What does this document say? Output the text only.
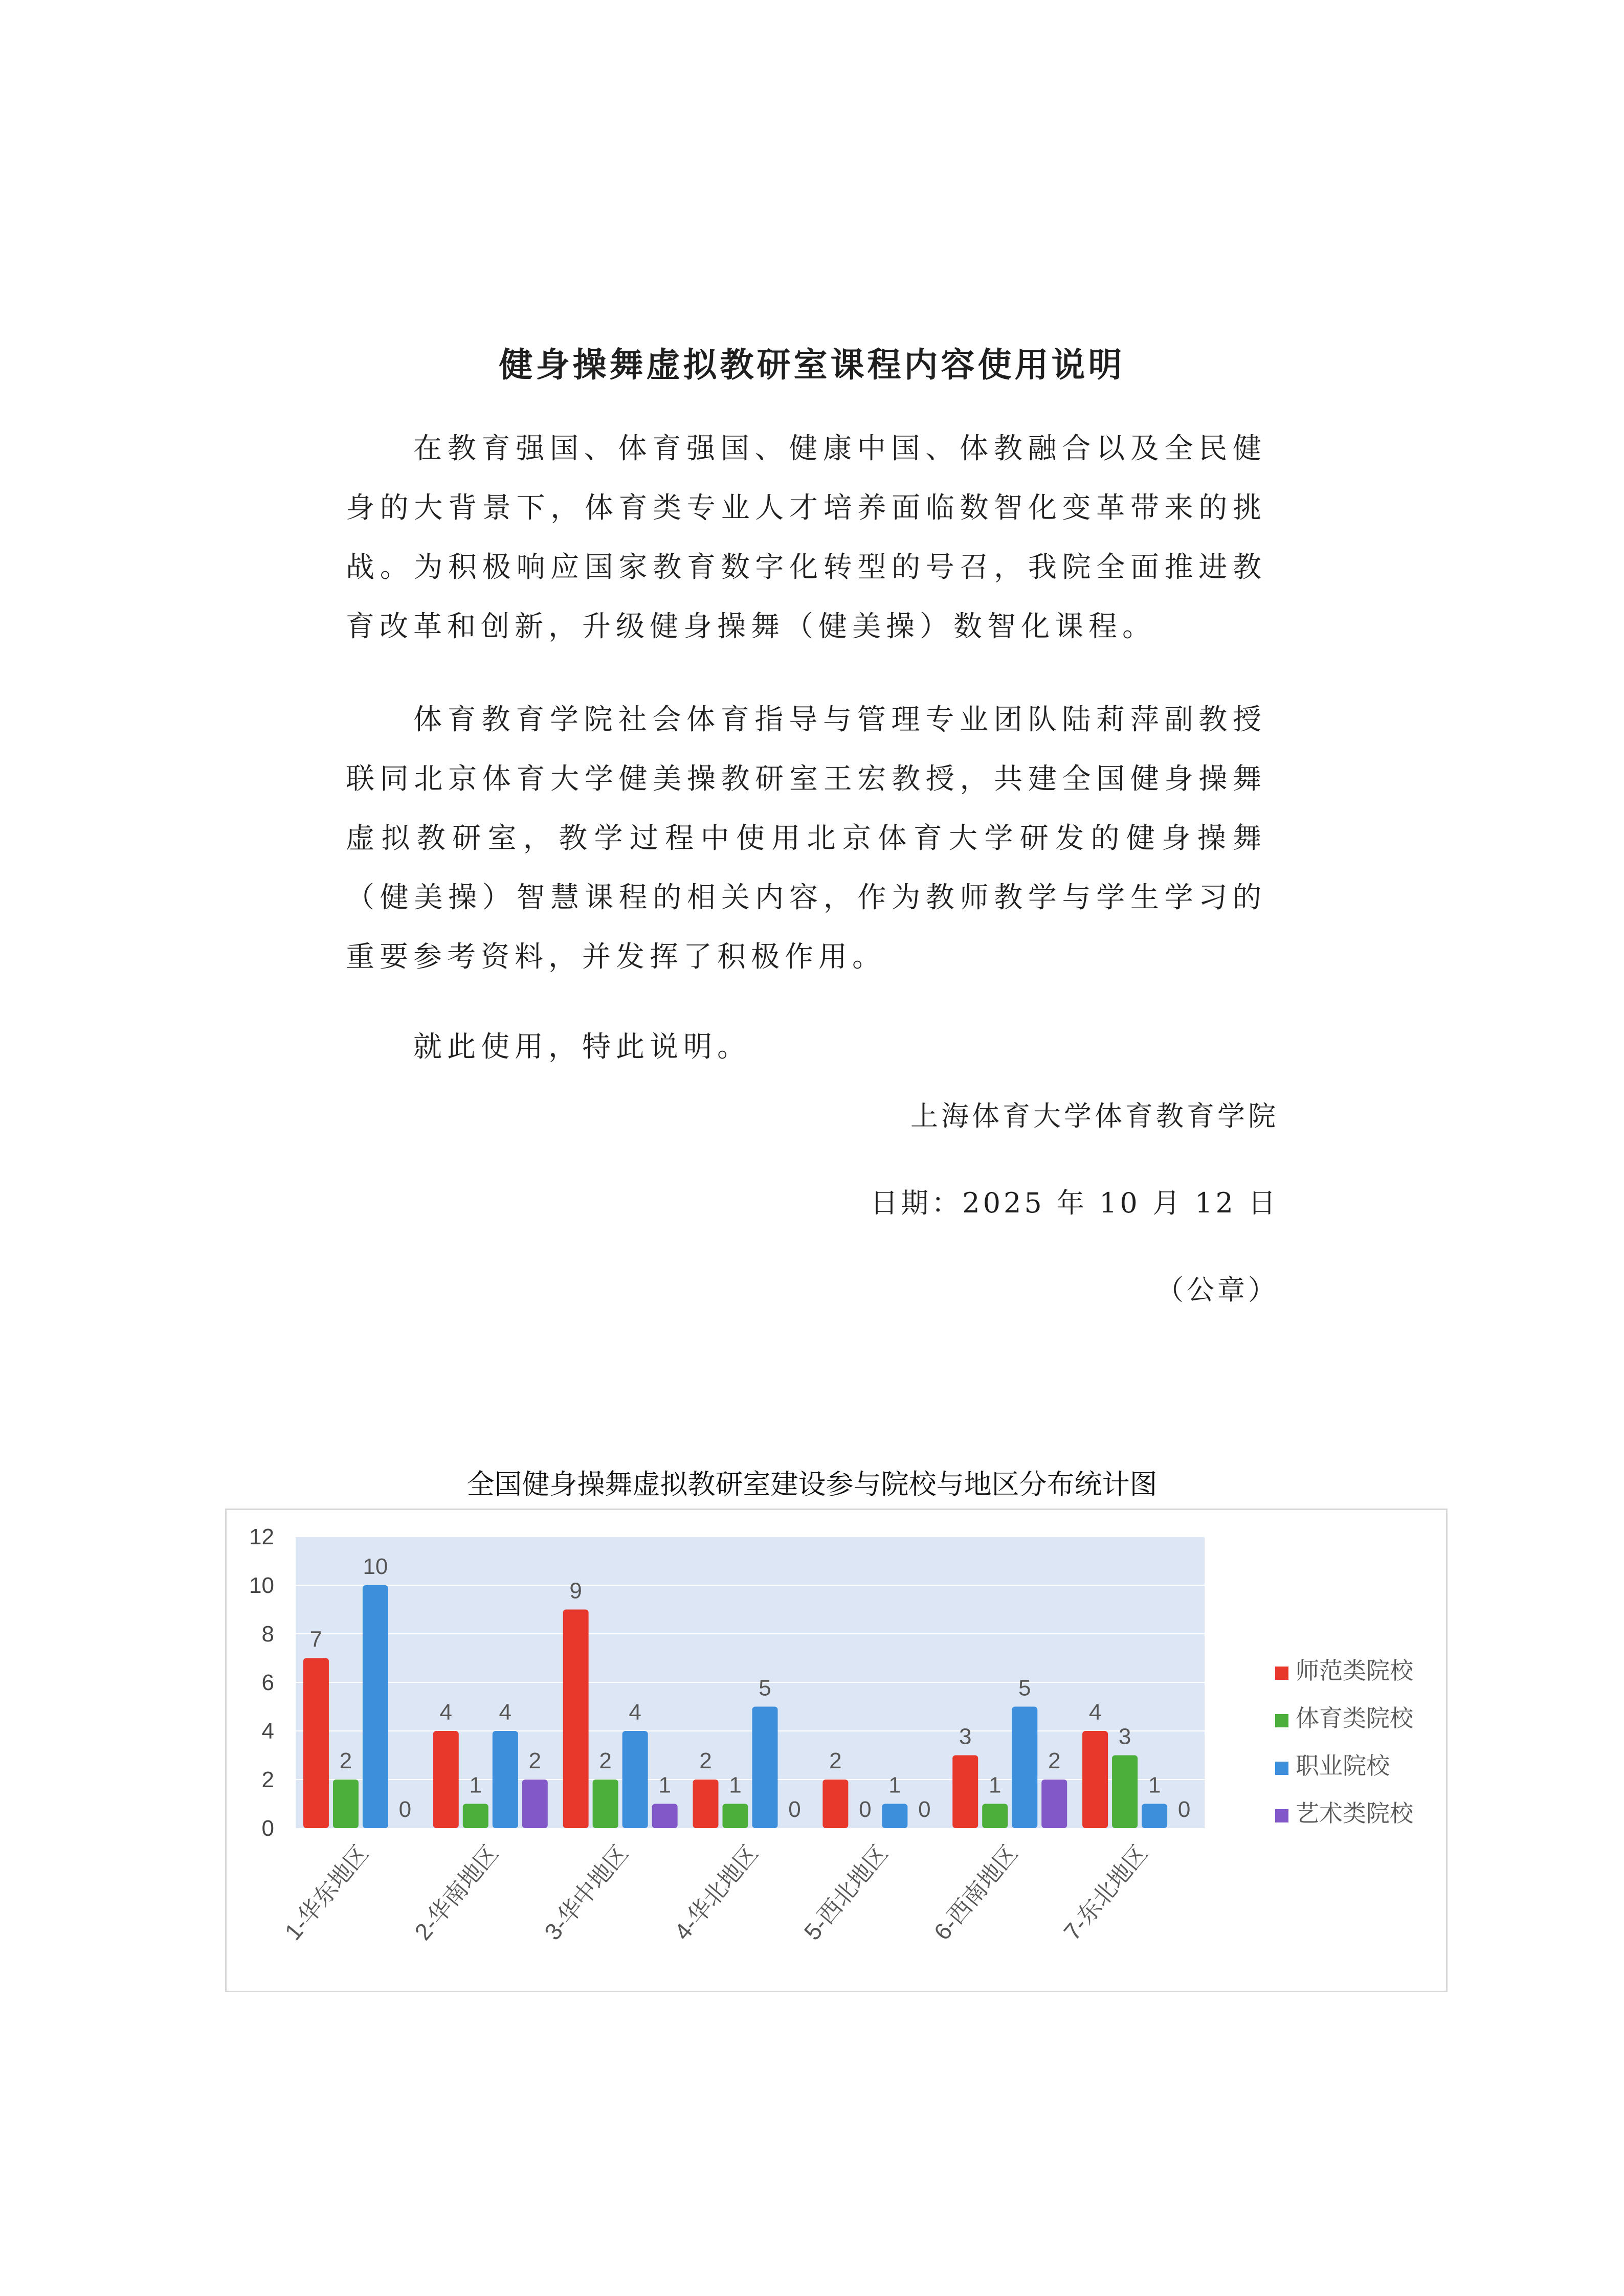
健身操舞虚拟教研室课程内容使用说明
在教育强国、体育强国、健康中国、体教融合以及全民健身的大背景下，体育类专业人才培养面临数智化变革带来的挑战。为积极响应国家教育数字化转型的号召，我院全面推进教育改革和创新，升级健身操舞（健美操）数智化课程。
体育教育学院社会体育指导与管理专业团队陆莉萍副教授联同北京体育大学健美操教研室王宏教授，共建全国健身操舞虚拟教研室，教学过程中使用北京体育大学研发的健身操舞（健美操）智慧课程的相关内容，作为教师教学与学生学习的重要参考资料，并发挥了积极作用。
就此使用，特此说明。
上海体育大学体育教育学院
日期：2025 年 10 月 12 日
（公章）
全国健身操舞虚拟教研室建设参与院校与地区分布统计图
0
2
4
6
8
10
12
7
2
10
0
1-华东地区
4
1
4
2
2-华南地区
9
2
4
1
3-华中地区
2
1
5
0
4-华北地区
2
0
1
0
5-西北地区
3
1
5
2
6-西南地区
4
3
1
0
7-东北地区
师范类院校
体育类院校
职业院校
艺术类院校
